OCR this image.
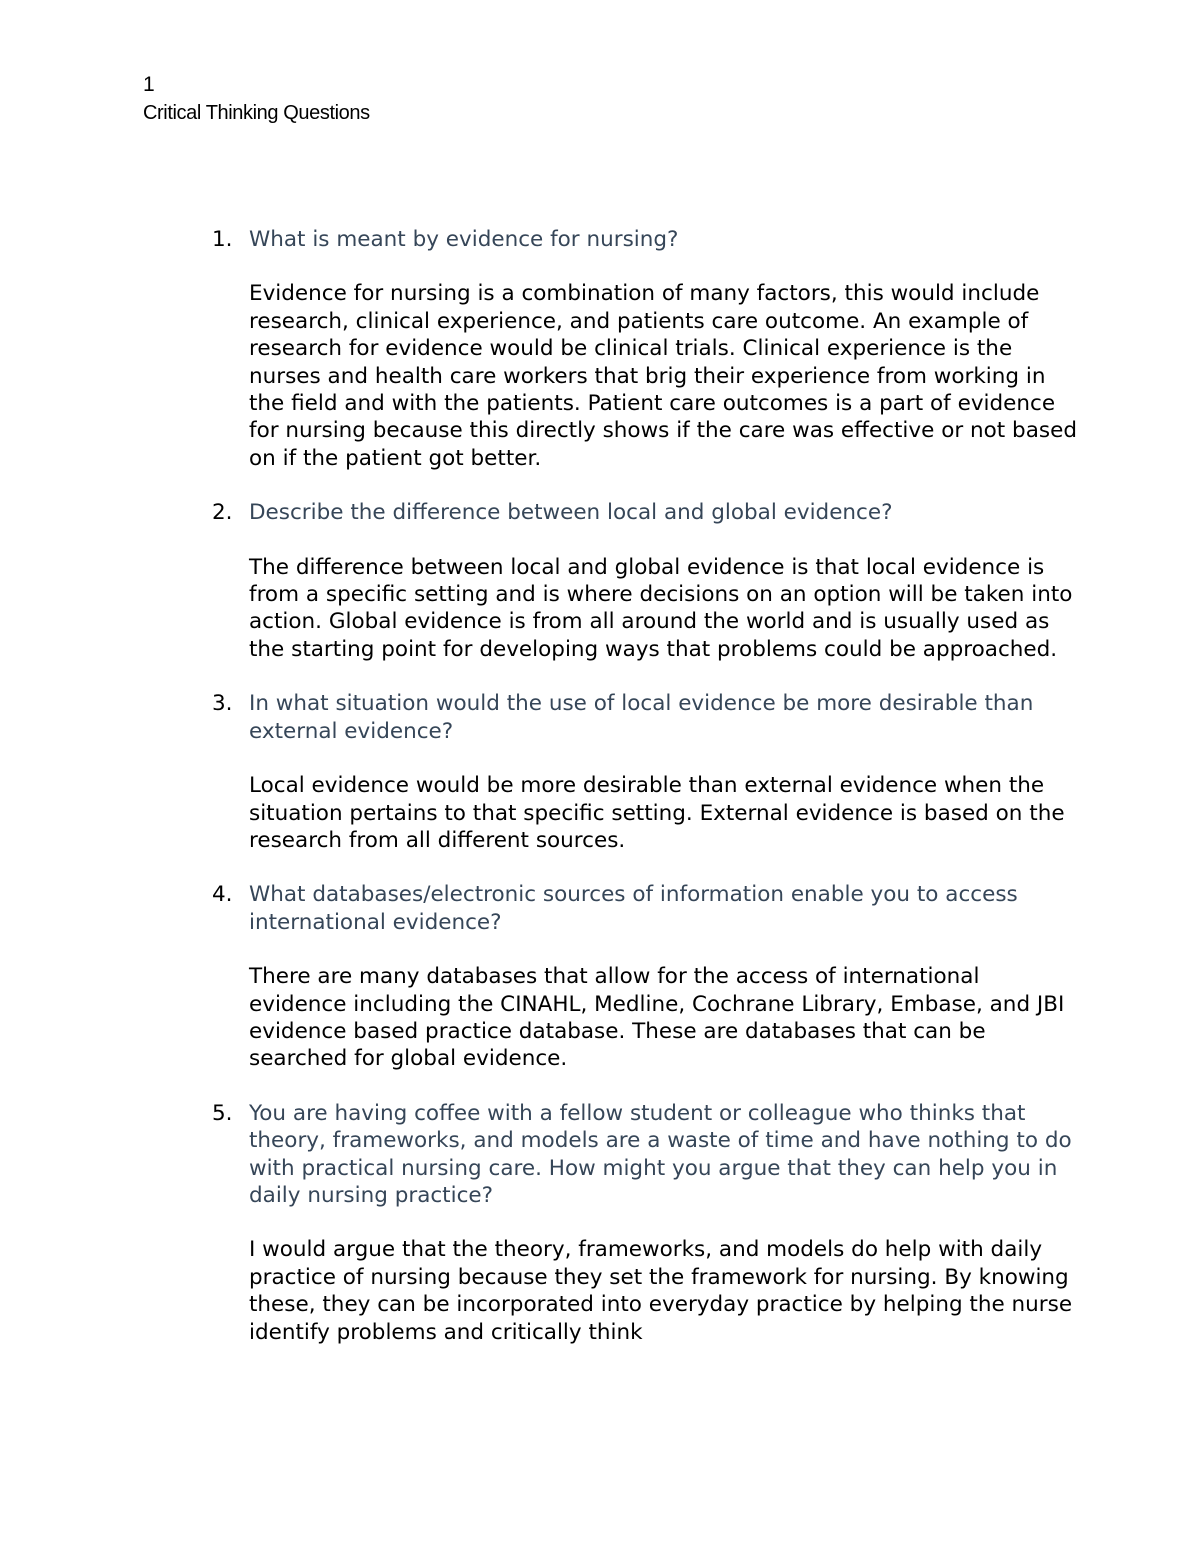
1
Critical Thinking Questions
1. What is meant by evidence for nursing?
Evidence for nursing is a combination of many factors, this would include research, clinical experience, and patients care outcome. An example of research for evidence would be clinical trials. Clinical experience is the nurses and health care workers that brig their experience from working in the field and with the patients. Patient care outcomes is a part of evidence for nursing because this directly shows if the care was effective or not based on if the patient got better.
2. Describe the difference between local and global evidence?
The difference between local and global evidence is that local evidence is from a specific setting and is where decisions on an option will be taken into action. Global evidence is from all around the world and is usually used as the starting point for developing ways that problems could be approached.
3. In what situation would the use of local evidence be more desirable than external evidence?
Local evidence would be more desirable than external evidence when the situation pertains to that specific setting. External evidence is based on the research from all different sources.
4. What databases/electronic sources of information enable you to access international evidence?
There are many databases that allow for the access of international evidence including the CINAHL, Medline, Cochrane Library, Embase, and JBI evidence based practice database. These are databases that can be searched for global evidence.
5. You are having coffee with a fellow student or colleague who thinks that theory, frameworks, and models are a waste of time and have nothing to do with practical nursing care. How might you argue that they can help you in daily nursing practice?
I would argue that the theory, frameworks, and models do help with daily practice of nursing because they set the framework for nursing. By knowing these, they can be incorporated into everyday practice by helping the nurse identify problems and critically think
